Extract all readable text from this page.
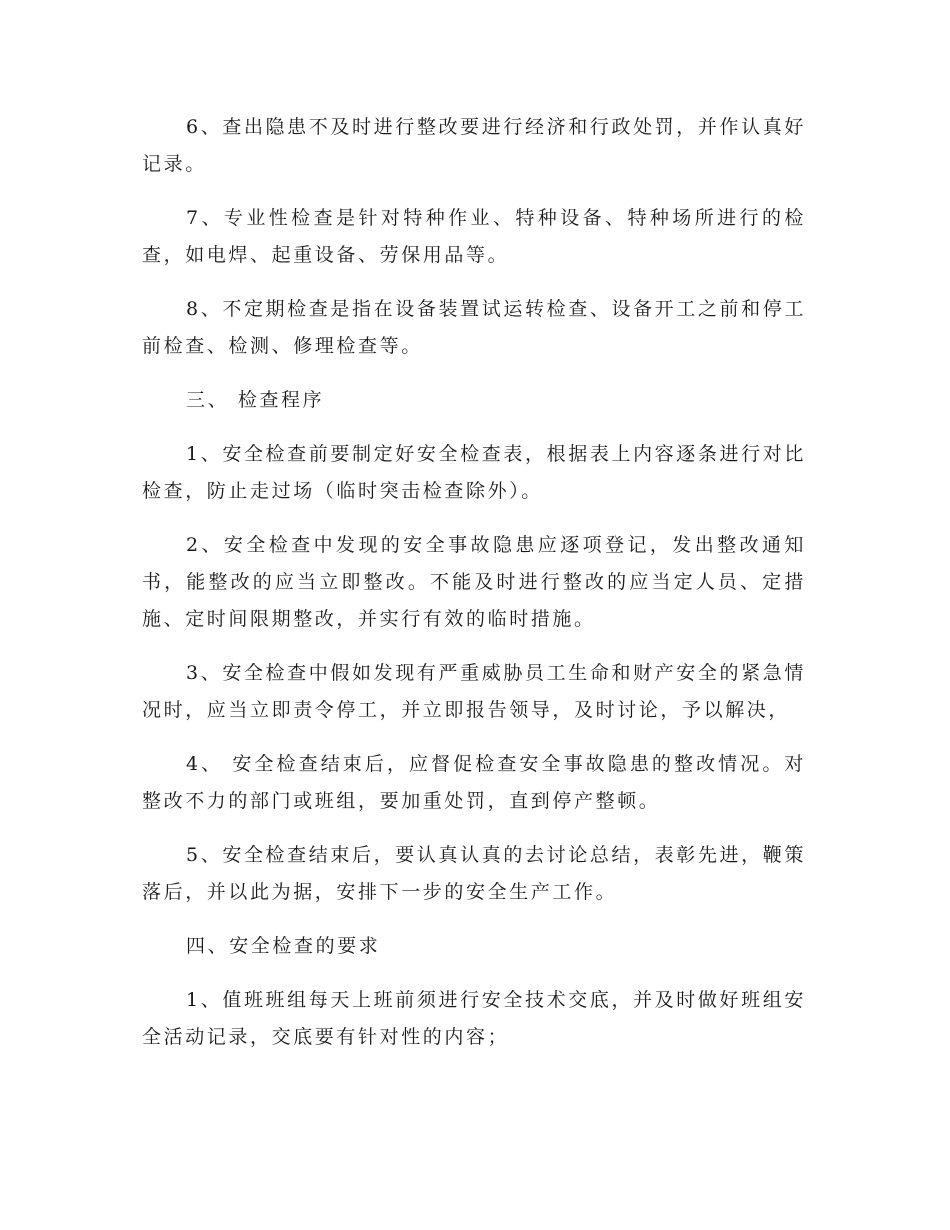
6、查出隐患不及时进行整改要进行经济和行政处罚，并作认真好记录。

7、专业性检查是针对特种作业、特种设备、特种场所进行的检查，如电焊、起重设备、劳保用品等。

8、不定期检查是指在设备装置试运转检查、设备开工之前和停工前检查、检测、修理检查等。

三、 检查程序

1、安全检查前要制定好安全检查表，根据表上内容逐条进行对比检查，防止走过场（临时突击检查除外）。

2、安全检查中发现的安全事故隐患应逐项登记，发出整改通知书，能整改的应当立即整改。不能及时进行整改的应当定人员、定措施、定时间限期整改，并实行有效的临时措施。

3、安全检查中假如发现有严重威胁员工生命和财产安全的紧急情况时，应当立即责令停工，并立即报告领导，及时讨论，予以解决，

4、 安全检查结束后，应督促检查安全事故隐患的整改情况。对整改不力的部门或班组，要加重处罚，直到停产整顿。

5、安全检查结束后，要认真认真的去讨论总结，表彰先进，鞭策落后，并以此为据，安排下一步的安全生产工作。

四、安全检查的要求

1、值班班组每天上班前须进行安全技术交底，并及时做好班组安全活动记录，交底要有针对性的内容；
